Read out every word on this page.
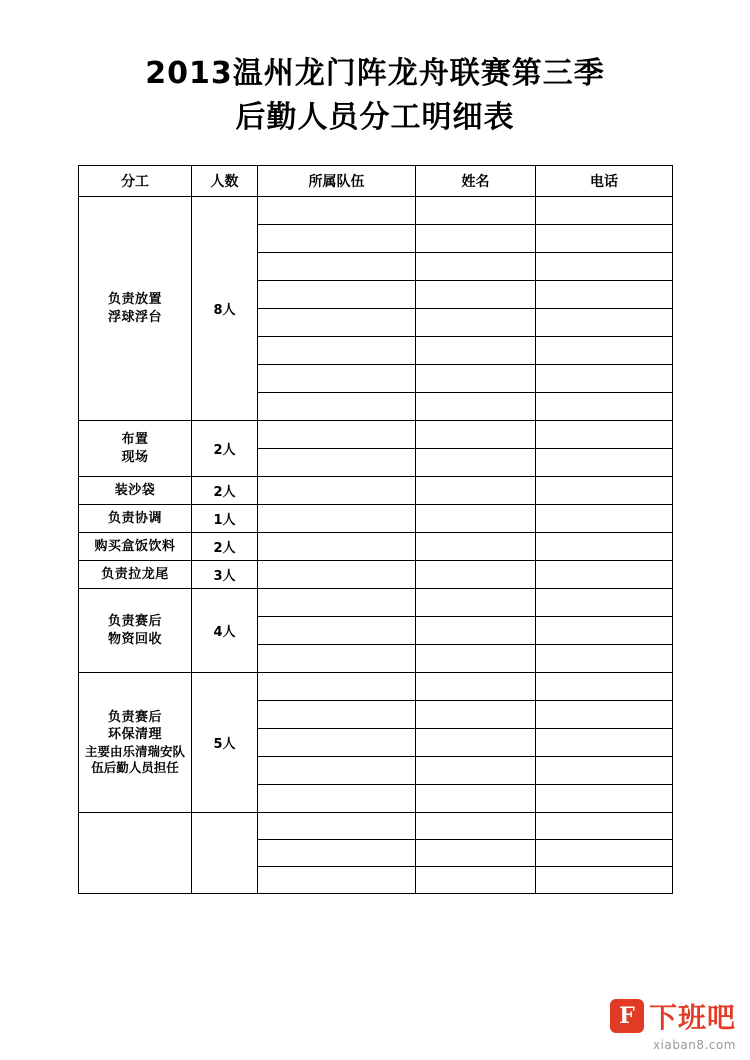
2013温州龙门阵龙舟联赛第三季
后勤人员分工明细表
分工	人数	所属队伍	姓名	电话

负责放置
浮球浮台	8人			

布置
现场	2人			

装沙袋	2人			

负责协调	1人			

购买盒饭饮料	2人			

负责拉龙尾	3人			

负责赛后
物资回收	4人			

负责赛后
环保清理
主要由乐清瑞安队伍后勤人员担任	5人			

F 下班吧
xiaban8.com
